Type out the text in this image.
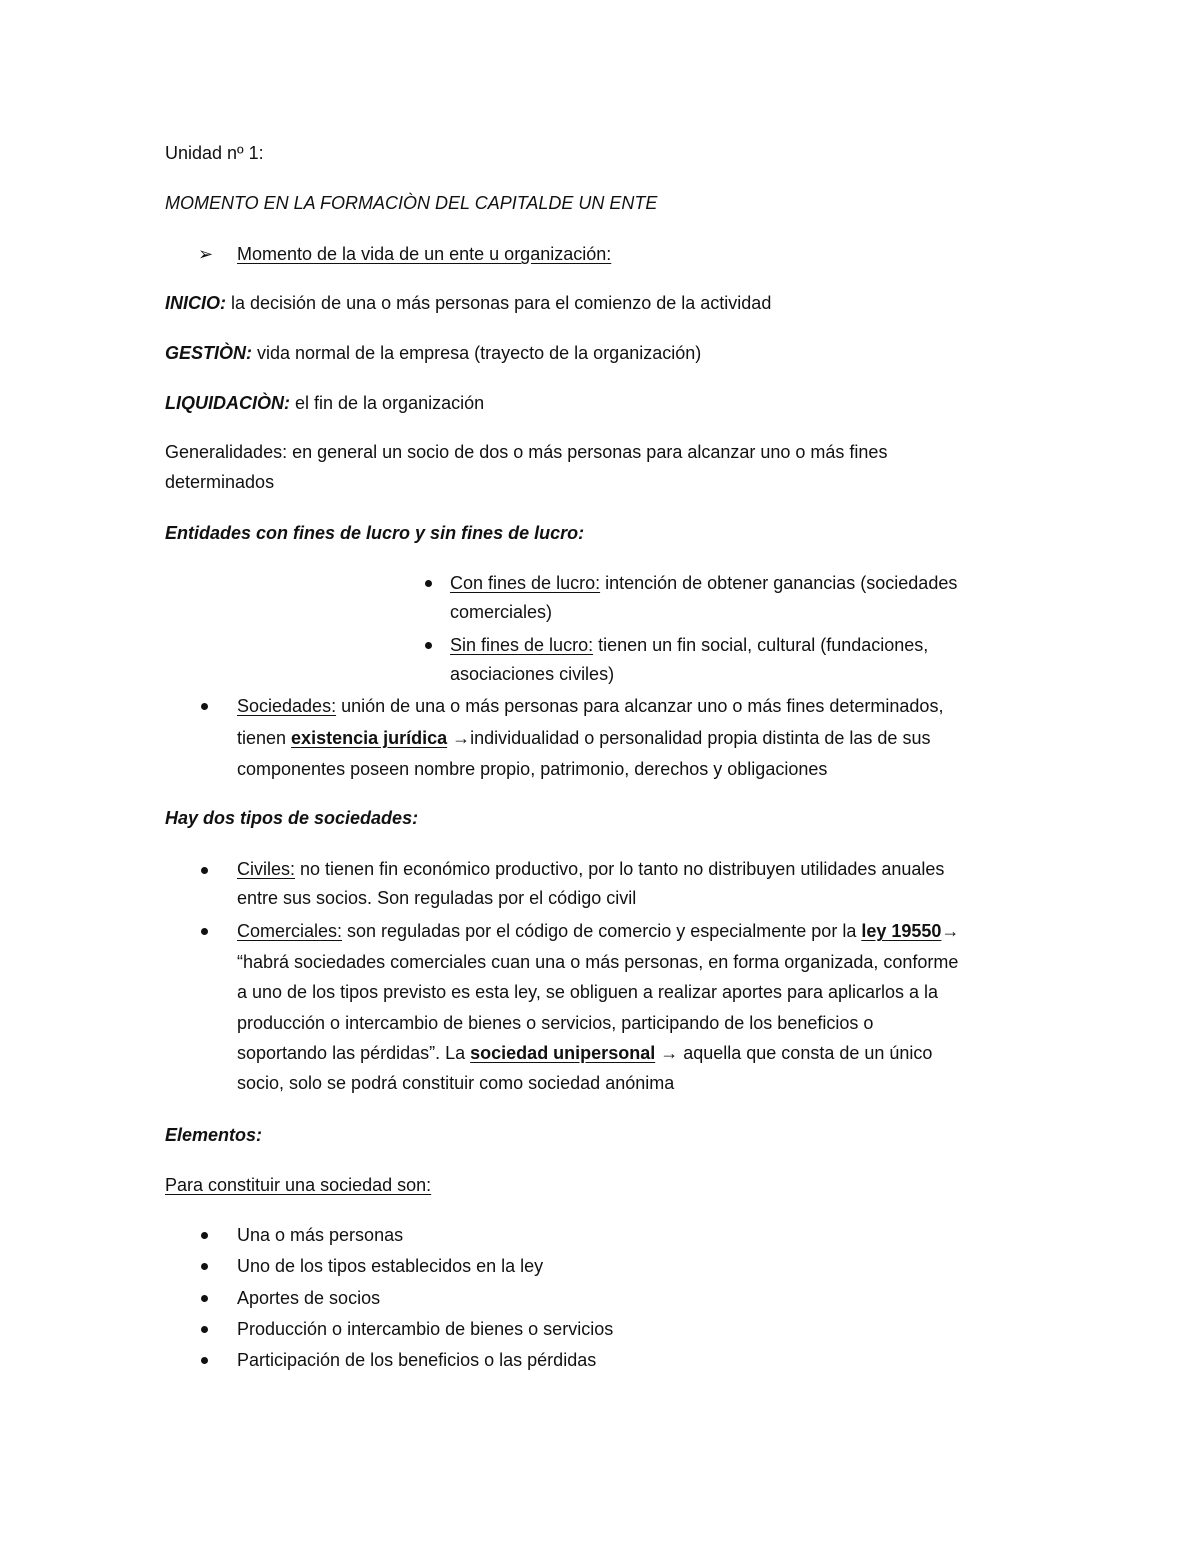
Unidad nº 1:
MOMENTO EN LA FORMACIÒN DEL CAPITALDE UN ENTE
➢ Momento de la vida de un ente u organización:
INICIO: la decisión de una o más personas para el comienzo de la actividad
GESTIÒN: vida normal de la empresa (trayecto de la organización)
LIQUIDACIÒN: el fin de la organización
Generalidades: en general un socio de dos o más personas para alcanzar uno o más fines
determinados
Entidades con fines de lucro y sin fines de lucro:
Con fines de lucro: intención de obtener ganancias (sociedades
comerciales)
Sin fines de lucro: tienen un fin social, cultural (fundaciones,
asociaciones civiles)
Sociedades: unión de una o más personas para alcanzar uno o más fines determinados,
tienen existencia jurídica →individualidad o personalidad propia distinta de las de sus
componentes poseen nombre propio, patrimonio, derechos y obligaciones
Hay dos tipos de sociedades:
Civiles: no tienen fin económico productivo, por lo tanto no distribuyen utilidades anuales
entre sus socios. Son reguladas por el código civil
Comerciales: son reguladas por el código de comercio y especialmente por la ley 19550→
“habrá sociedades comerciales cuan una o más personas, en forma organizada, conforme
a uno de los tipos previsto es esta ley, se obliguen a realizar aportes para aplicarlos a la
producción o intercambio de bienes o servicios, participando de los beneficios o
soportando las pérdidas”. La sociedad unipersonal → aquella que consta de un único
socio, solo se podrá constituir como sociedad anónima
Elementos:
Para constituir una sociedad son:
Una o más personas
Uno de los tipos establecidos en la ley
Aportes de socios
Producción o intercambio de bienes o servicios
Participación de los beneficios o las pérdidas
